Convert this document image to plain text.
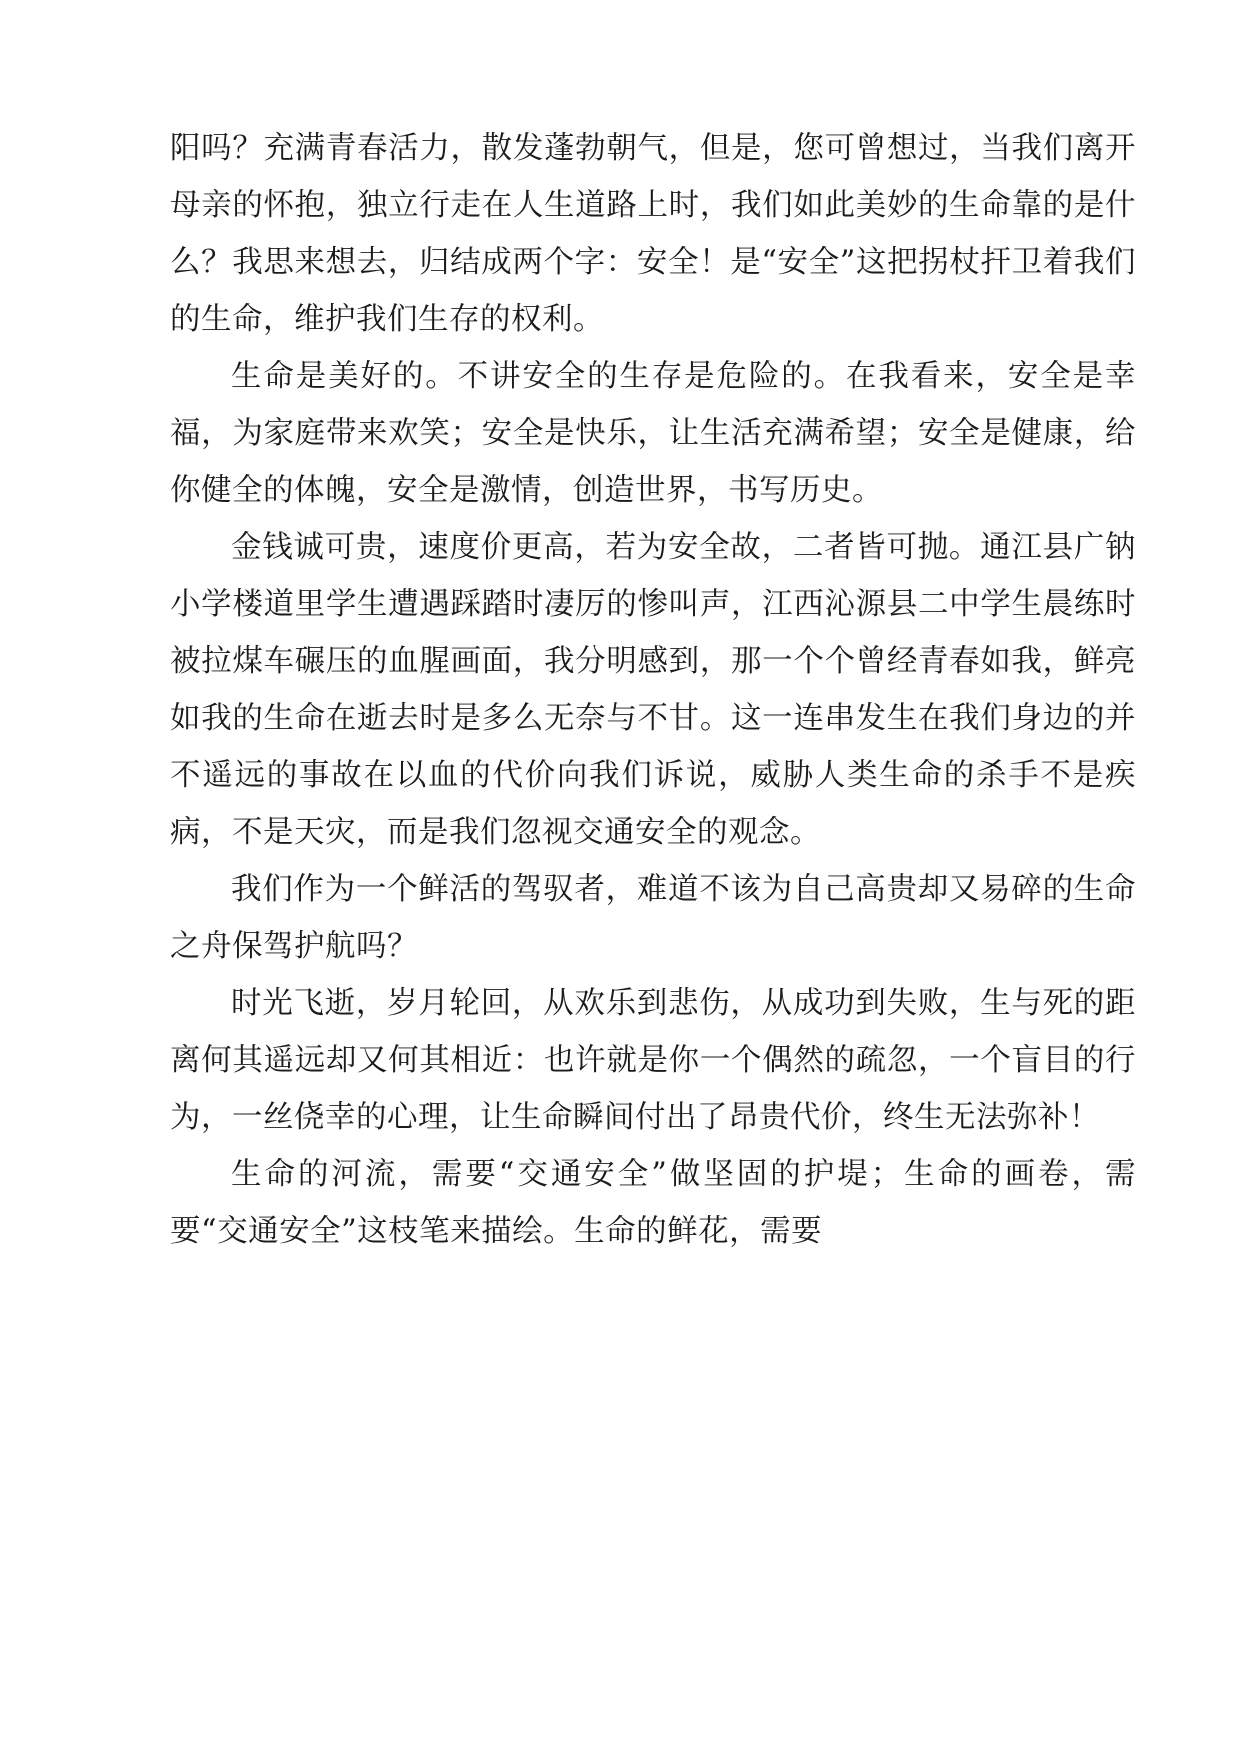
阳吗？充满青春活力，散发蓬勃朝气，但是，您可曾想过，当我们离开母亲的怀抱，独立行走在人生道路上时，我们如此美妙的生命靠的是什么？我思来想去，归结成两个字：安全！是“安全”这把拐杖扞卫着我们的生命，维护我们生存的权利。

生命是美好的。不讲安全的生存是危险的。在我看来，安全是幸福，为家庭带来欢笑；安全是快乐，让生活充满希望；安全是健康，给你健全的体魄，安全是激情，创造世界，书写历史。

金钱诚可贵，速度价更高，若为安全故，二者皆可抛。通江县广钠小学楼道里学生遭遇踩踏时凄厉的惨叫声，江西沁源县二中学生晨练时被拉煤车碾压的血腥画面，我分明感到，那一个个曾经青春如我，鲜亮如我的生命在逝去时是多么无奈与不甘。这一连串发生在我们身边的并不遥远的事故在以血的代价向我们诉说，威胁人类生命的杀手不是疾病，不是天灾，而是我们忽视交通安全的观念。

我们作为一个鲜活的驾驭者，难道不该为自己高贵却又易碎的生命之舟保驾护航吗？

时光飞逝，岁月轮回，从欢乐到悲伤，从成功到失败，生与死的距离何其遥远却又何其相近：也许就是你一个偶然的疏忽，一个盲目的行为，一丝侥幸的心理，让生命瞬间付出了昂贵代价，终生无法弥补！

生命的河流，需要“交通安全”做坚固的护堤；生命的画卷，需要“交通安全”这枝笔来描绘。生命的鲜花，需要
